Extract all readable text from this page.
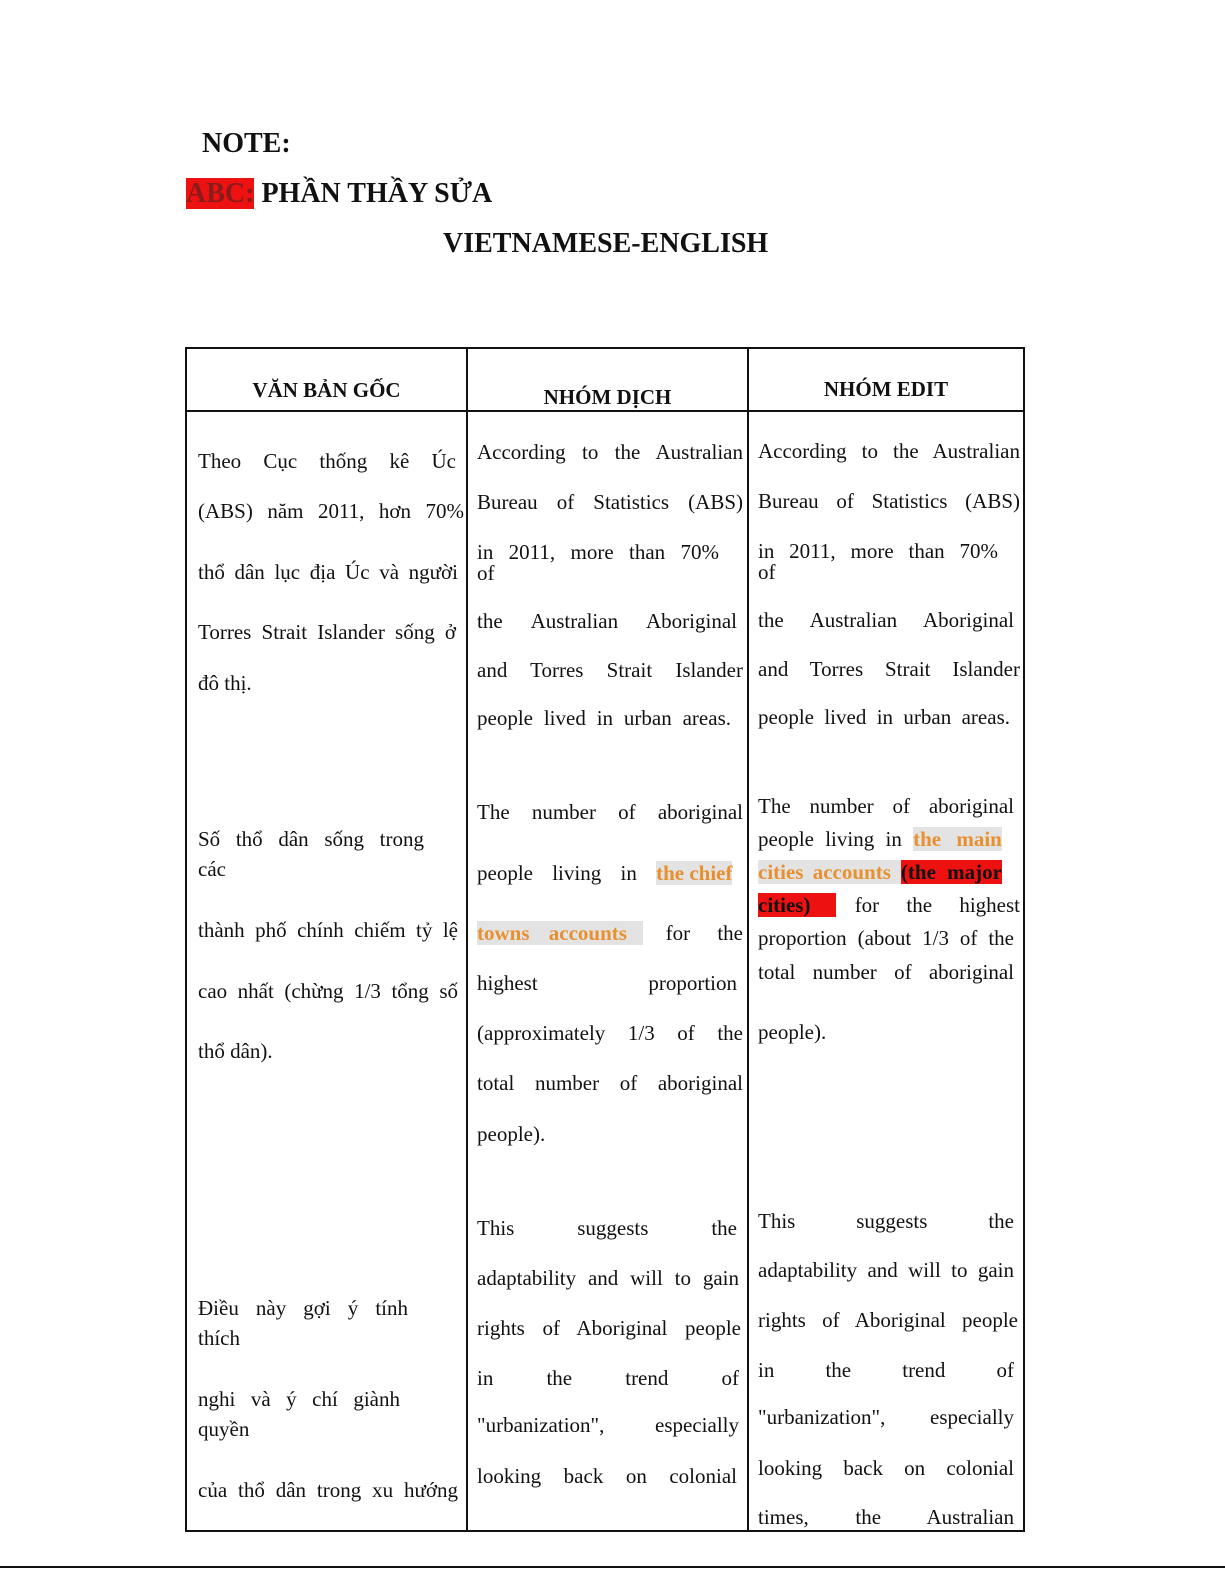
NOTE:
ABC: PHẦN THẦY SỬA
VIETNAMESE-ENGLISH
VĂN BẢN GỐC	NHÓM DỊCH	NHÓM EDIT
Theo Cục thống kê Úc
(ABS) năm 2011, hơn 70%
thổ dân lục địa Úc và người
Torres Strait Islander sống ở
đô thị.
Số thổ dân sống trong
các
thành phố chính chiếm tỷ lệ
cao nhất (chừng 1/3 tổng số
thổ dân).
Điều này gợi ý tính
thích
nghi và ý chí giành
quyền
của thổ dân trong xu hướng
According to the Australian
Bureau of Statistics (ABS)
in 2011, more than 70%
of
the Australian Aboriginal
and Torres Strait Islander
people lived in urban areas.
The number of aboriginal
people living in the chief
towns accounts for the
highest proportion
(approximately 1/3 of the
total number of aboriginal
people).
This suggests the
adaptability and will to gain
rights of Aboriginal people
in the trend of
"urbanization", especially
looking back on colonial
According to the Australian
Bureau of Statistics (ABS)
in 2011, more than 70%
of
the Australian Aboriginal
and Torres Strait Islander
people lived in urban areas.
The number of aboriginal
people living in the main
cities accounts (the major
cities) for the highest
proportion (about 1/3 of the
total number of aboriginal
people).
This suggests the
adaptability and will to gain
rights of Aboriginal people
in the trend of
"urbanization", especially
looking back on colonial
times, the Australian
